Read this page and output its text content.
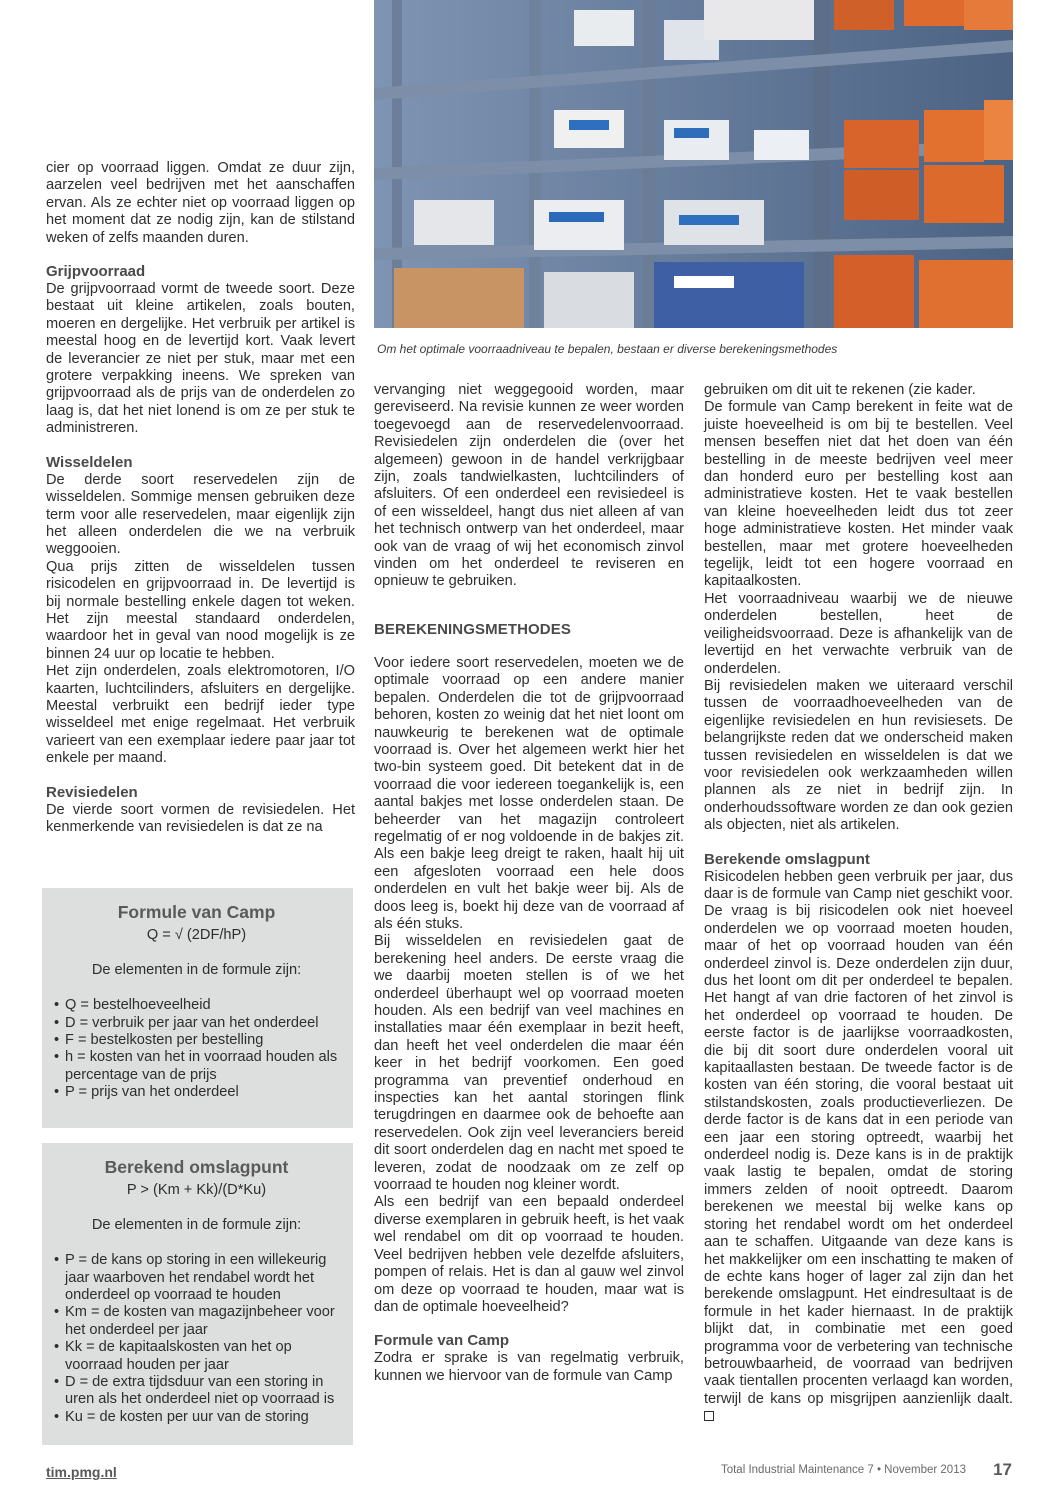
Om het optimale voorraadniveau te bepalen, bestaan er diverse berekeningsmethodes

cier op voorraad liggen. Omdat ze duur zijn, aarzelen veel bedrijven met het aanschaffen ervan. Als ze echter niet op voorraad liggen op het moment dat ze nodig zijn, kan de stilstand weken of zelfs maanden duren.

Grijpvoorraad

De grijpvoorraad vormt de tweede soort. Deze bestaat uit kleine artikelen, zoals bouten, moeren en dergelijke. Het verbruik per artikel is meestal hoog en de levertijd kort. Vaak levert de leverancier ze niet per stuk, maar met een grotere verpakking ineens. We spreken van grijpvoorraad als de prijs van de onderdelen zo laag is, dat het niet lonend is om ze per stuk te administreren.

Wisseldelen

De derde soort reservedelen zijn de wisseldelen. Sommige mensen gebruiken deze term voor alle reservedelen, maar eigenlijk zijn het alleen onderdelen die we na verbruik weggooien.

Qua prijs zitten de wisseldelen tussen risicodelen en grijpvoorraad in. De levertijd is bij normale bestelling enkele dagen tot weken. Het zijn meestal standaard onderdelen, waardoor het in geval van nood mogelijk is ze binnen 24 uur op locatie te hebben.

Het zijn onderdelen, zoals elektromotoren, I/O kaarten, luchtcilinders, afsluiters en dergelijke. Meestal verbruikt een bedrijf ieder type wisseldeel met enige regelmaat. Het verbruik varieert van een exemplaar iedere paar jaar tot enkele per maand.

Revisiedelen

De vierde soort vormen de revisiedelen. Het kenmerkende van revisiedelen is dat ze na

Formule van Camp
Q = √ (2DF/hP)
De elementen in de formule zijn:
• Q = bestelhoeveelheid
• D = verbruik per jaar van het onderdeel
• F = bestelkosten per bestelling
• h = kosten van het in voorraad houden als percentage van de prijs
• P = prijs van het onderdeel
Berekend omslagpunt
P > (Km + Kk)/(D*Ku)
De elementen in de formule zijn:
• P = de kans op storing in een willekeurig jaar waarboven het rendabel wordt het onderdeel op voorraad te houden
• Km = de kosten van magazijnbeheer voor het onderdeel per jaar
• Kk = de kapitaalskosten van het op voorraad houden per jaar
• D = de extra tijdsduur van een storing in uren als het onderdeel niet op voorraad is
• Ku = de kosten per uur van de storing

vervanging niet weggegooid worden, maar gereviseerd. Na revisie kunnen ze weer worden toegevoegd aan de reservedelenvoorraad. Revisiedelen zijn onderdelen die (over het algemeen) gewoon in de handel verkrijgbaar zijn, zoals tandwielkasten, luchtcilinders of afsluiters. Of een onderdeel een revisiedeel is of een wisseldeel, hangt dus niet alleen af van het technisch ontwerp van het onderdeel, maar ook van de vraag of wij het economisch zinvol vinden om het onderdeel te reviseren en opnieuw te gebruiken.

BEREKENINGSMETHODES

Voor iedere soort reservedelen, moeten we de optimale voorraad op een andere manier bepalen. Onderdelen die tot de grijpvoorraad behoren, kosten zo weinig dat het niet loont om nauwkeurig te berekenen wat de optimale voorraad is. Over het algemeen werkt hier het two-bin systeem goed. Dit betekent dat in de voorraad die voor iedereen toegankelijk is, een aantal bakjes met losse onderdelen staan. De beheerder van het magazijn controleert regelmatig of er nog voldoende in de bakjes zit. Als een bakje leeg dreigt te raken, haalt hij uit een afgesloten voorraad een hele doos onderdelen en vult het bakje weer bij. Als de doos leeg is, boekt hij deze van de voorraad af als één stuks.

Bij wisseldelen en revisiedelen gaat de berekening heel anders. De eerste vraag die we daarbij moeten stellen is of we het onderdeel überhaupt wel op voorraad moeten houden. Als een bedrijf van veel machines en installaties maar één exemplaar in bezit heeft, dan heeft het veel onderdelen die maar één keer in het bedrijf voorkomen. Een goed programma van preventief onderhoud en inspecties kan het aantal storingen flink terugdringen en daarmee ook de behoefte aan reservedelen. Ook zijn veel leveranciers bereid dit soort onderdelen dag en nacht met spoed te leveren, zodat de noodzaak om ze zelf op voorraad te houden nog kleiner wordt.

Als een bedrijf van een bepaald onderdeel diverse exemplaren in gebruik heeft, is het vaak wel rendabel om dit op voorraad te houden. Veel bedrijven hebben vele dezelfde afsluiters, pompen of relais. Het is dan al gauw wel zinvol om deze op voorraad te houden, maar wat is dan de optimale hoeveelheid?

Formule van Camp

Zodra er sprake is van regelmatig verbruik, kunnen we hiervoor van de formule van Camp

gebruiken om dit uit te rekenen (zie kader.

De formule van Camp berekent in feite wat de juiste hoeveelheid is om bij te bestellen. Veel mensen beseffen niet dat het doen van één bestelling in de meeste bedrijven veel meer dan honderd euro per bestelling kost aan administratieve kosten. Het te vaak bestellen van kleine hoeveelheden leidt dus tot zeer hoge administratieve kosten. Het minder vaak bestellen, maar met grotere hoeveelheden tegelijk, leidt tot een hogere voorraad en kapitaalkosten.

Het voorraadniveau waarbij we de nieuwe onderdelen bestellen, heet de veiligheidsvoorraad. Deze is afhankelijk van de levertijd en het verwachte verbruik van de onderdelen.

Bij revisiedelen maken we uiteraard verschil tussen de voorraadhoeveelheden van de eigenlijke revisiedelen en hun revisiesets. De belangrijkste reden dat we onderscheid maken tussen revisiedelen en wisseldelen is dat we voor revisiedelen ook werkzaamheden willen plannen als ze niet in bedrijf zijn. In onderhoudssoftware worden ze dan ook gezien als objecten, niet als artikelen.

Berekende omslagpunt

Risicodelen hebben geen verbruik per jaar, dus daar is de formule van Camp niet geschikt voor. De vraag is bij risicodelen ook niet hoeveel onderdelen we op voorraad moeten houden, maar of het op voorraad houden van één onderdeel zinvol is. Deze onderdelen zijn duur, dus het loont om dit per onderdeel te bepalen. Het hangt af van drie factoren of het zinvol is het onderdeel op voorraad te houden. De eerste factor is de jaarlijkse voorraadkosten, die bij dit soort dure onderdelen vooral uit kapitaallasten bestaan. De tweede factor is de kosten van één storing, die vooral bestaat uit stilstandskosten, zoals productieverliezen. De derde factor is de kans dat in een periode van een jaar een storing optreedt, waarbij het onderdeel nodig is. Deze kans is in de praktijk vaak lastig te bepalen, omdat de storing immers zelden of nooit optreedt. Daarom berekenen we meestal bij welke kans op storing het rendabel wordt om het onderdeel aan te schaffen. Uitgaande van deze kans is het makkelijker om een inschatting te maken of de echte kans hoger of lager zal zijn dan het berekende omslagpunt. Het eindresultaat is de formule in het kader hiernaast. In de praktijk blijkt dat, in combinatie met een goed programma voor de verbetering van technische betrouwbaarheid, de voorraad van bedrijven vaak tientallen procenten verlaagd kan worden, terwijl de kans op misgrijpen aanzienlijk daalt.

tim.pmg.nl	Total Industrial Maintenance 7 • November 2013 17
